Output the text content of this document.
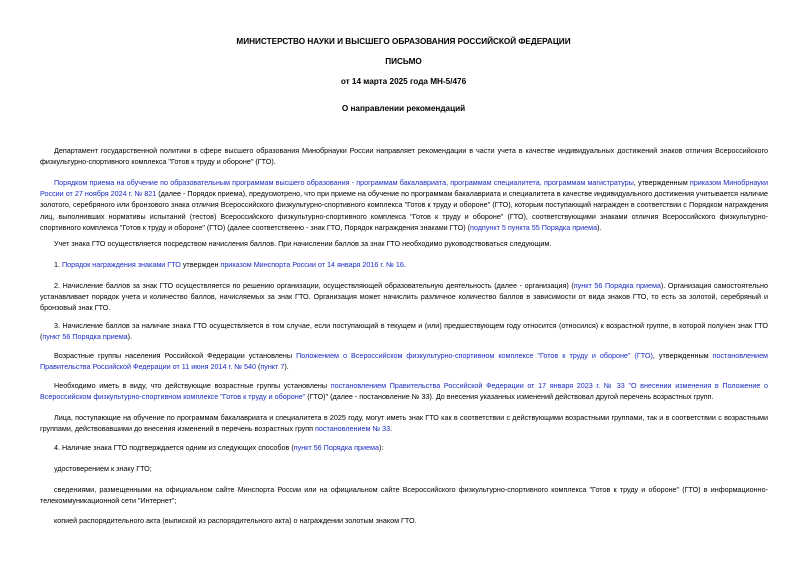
МИНИСТЕРСТВО НАУКИ И ВЫСШЕГО ОБРАЗОВАНИЯ РОССИЙСКОЙ ФЕДЕРАЦИИ
ПИСЬМО
от 14 марта 2025 года МН-5/476
О направлении рекомендаций

Департамент государственной политики в сфере высшего образования Минобрнауки России направляет рекомендации в части учета в качестве индивидуальных достижений знаков отличия Всероссийского физкультурно-спортивного комплекса "Готов к труду и обороне" (ГТО).

Порядком приема на обучение по образовательным программам высшего образования - программам бакалавриата, программам специалитета, программам магистратуры, утвержденным приказом Минобрнауки России от 27 ноября 2024 г. № 821 (далее - Порядок приема), предусмотрено, что при приеме на обучение по программам бакалавриата и специалитета в качестве индивидуального достижения учитывается наличие золотого, серебряного или бронзового знака отличия Всероссийского физкультурно-спортивного комплекса "Готов к труду и обороне" (ГТО), которым поступающий награжден в соответствии с Порядком награждения лиц, выполнивших нормативы испытаний (тестов) Всероссийского физкультурно-спортивного комплекса "Готов к труду и обороне" (ГТО), соответствующими знаками отличия Всероссийского физкультурно-спортивного комплекса "Готов к труду и обороне" (ГТО) (далее соответственно - знак ГТО, Порядок награждения знаками ГТО) (подпункт 5 пункта 55 Порядка приема).

Учет знака ГТО осуществляется посредством начисления баллов. При начислении баллов за знак ГТО необходимо руководствоваться следующим.

1. Порядок награждения знаками ГТО утвержден приказом Минспорта России от 14 января 2016 г. № 16.

2. Начисление баллов за знак ГТО осуществляется по решению организации, осуществляющей образовательную деятельность (далее - организация) (пункт 56 Порядка приема). Организация самостоятельно устанавливает порядок учета и количество баллов, начисляемых за знак ГТО. Организация может начислить различное количество баллов в зависимости от вида знаков ГТО, то есть за золотой, серебряный и бронзовый знак ГТО.

3. Начисление баллов за наличие знака ГТО осуществляется в том случае, если поступающий в текущем и (или) предшествующем году относится (относился) к возрастной группе, в которой получен знак ГТО (пункт 56 Порядка приема).

Возрастные группы населения Российской Федерации установлены Положением о Всероссийском физкультурно-спортивном комплексе "Готов к труду и обороне" (ГТО), утвержденным постановлением Правительства Российской Федерации от 11 июня 2014 г. № 540 (пункт 7).

Необходимо иметь в виду, что действующие возрастные группы установлены постановлением Правительства Российской Федерации от 17 января 2023 г. № 33 "О внесении изменения в Положение о Всероссийском физкультурно-спортивном комплексе "Готов к труду и обороне" (ГТО)" (далее - постановление № 33). До внесения указанных изменений действовал другой перечень возрастных групп.

Лица, поступающие на обучение по программам бакалавриата и специалитета в 2025 году, могут иметь знак ГТО как в соответствии с действующими возрастными группами, так и в соответствии с возрастными группами, действовавшими до внесения изменений в перечень возрастных групп постановлением № 33.

4. Наличие знака ГТО подтверждается одним из следующих способов (пункт 56 Порядка приема):

удостоверением к знаку ГТО;

сведениями, размещенными на официальном сайте Минспорта России или на официальном сайте Всероссийского физкультурно-спортивного комплекса "Готов к труду и обороне" (ГТО) в информационно-телекоммуникационной сети "Интернет";

копией распорядительного акта (выпиской из распорядительного акта) о награждении золотым знаком ГТО.
